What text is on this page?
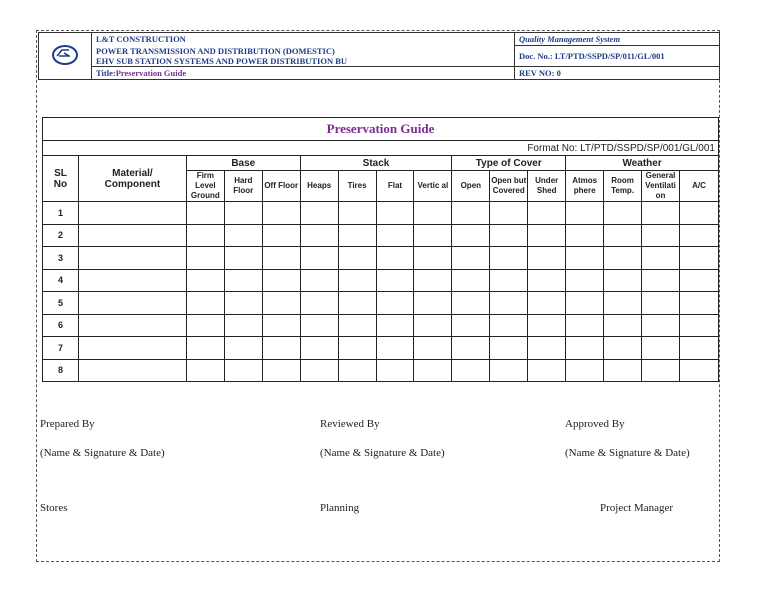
	L&T CONSTRUCTION	Quality Management System
	POWER TRANSMISSION AND DISTRIBUTION (DOMESTIC)	Doc. No.: LT/PTD/SSPD/SP/011/GL/001
	EHV SUB STATION SYSTEMS AND POWER DISTRIBUTION BU	
	Title:Preservation Guide	REV NO: 0
Preservation Guide															
Format No: LT/PTD/SSPD/SP/001/GL/001															
SL No	Material/ Component	Base			Stack				Type of Cover			Weather			
		Firm Level Ground	Hard Floor	Off Floor	Heaps	Tires	Flat	Vertic al	Open	Open but Covered	Under Shed	Atmos phere	Room Temp.	General Ventilati on	A/C
1															
2															
3															
4															
5															
6															
7															
8															
Prepared By	Reviewed By	Approved By
(Name & Signature & Date)	(Name & Signature & Date)	(Name & Signature & Date)
Stores	Planning	Project Manager
